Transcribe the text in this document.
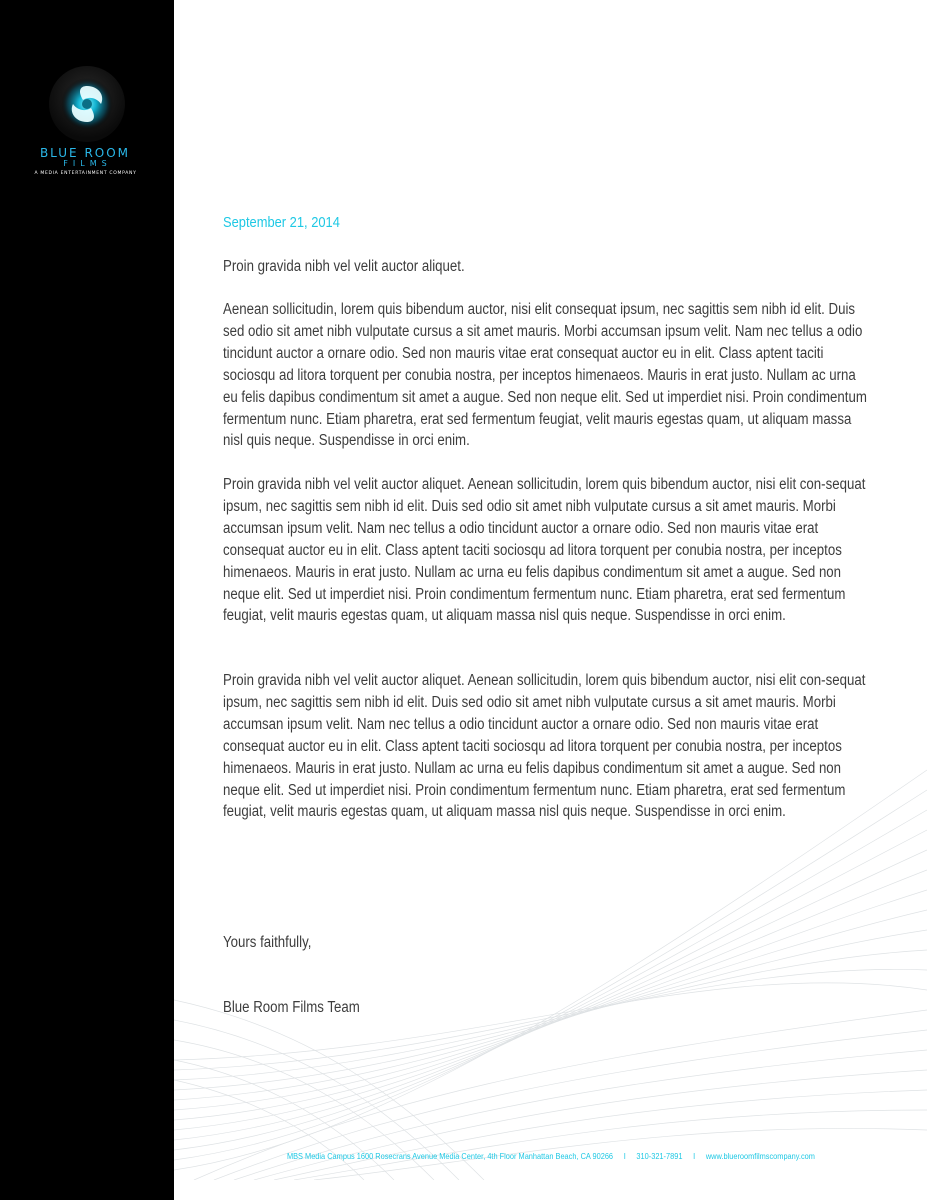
BLUE ROOM
FILMS
A MEDIA ENTERTAINMENT COMPANY
September 21, 2014

Proin gravida nibh vel velit auctor aliquet.

Aenean sollicitudin, lorem quis bibendum auctor, nisi elit consequat ipsum, nec sagittis sem nibh id elit. Duis sed odio sit amet nibh vulputate cursus a sit amet mauris. Morbi accumsan ipsum velit. Nam nec tellus a odio tincidunt auctor a ornare odio. Sed non mauris vitae erat consequat auctor eu in elit. Class aptent taciti sociosqu ad litora torquent per conubia nostra, per inceptos himenaeos. Mauris in erat justo. Nullam ac urna eu felis dapibus condimentum sit amet a augue. Sed non neque elit. Sed ut imperdiet nisi. Proin condimentum fermentum nunc. Etiam pharetra, erat sed fermentum feugiat, velit mauris egestas quam, ut aliquam massa nisl quis neque. Suspendisse in orci enim.

Proin gravida nibh vel velit auctor aliquet. Aenean sollicitudin, lorem quis bibendum auctor, nisi elit con-sequat ipsum, nec sagittis sem nibh id elit. Duis sed odio sit amet nibh vulputate cursus a sit amet mauris. Morbi accumsan ipsum velit. Nam nec tellus a odio tincidunt auctor a ornare odio. Sed non mauris vitae erat consequat auctor eu in elit. Class aptent taciti sociosqu ad litora torquent per conubia nostra, per inceptos himenaeos. Mauris in erat justo. Nullam ac urna eu felis dapibus condimentum sit amet a augue. Sed non neque elit. Sed ut imperdiet nisi. Proin condimentum fermentum nunc. Etiam pharetra, erat sed fermentum feugiat, velit mauris egestas quam, ut aliquam massa nisl quis neque. Suspendisse in orci enim.

Proin gravida nibh vel velit auctor aliquet. Aenean sollicitudin, lorem quis bibendum auctor, nisi elit con-sequat ipsum, nec sagittis sem nibh id elit. Duis sed odio sit amet nibh vulputate cursus a sit amet mauris. Morbi accumsan ipsum velit. Nam nec tellus a odio tincidunt auctor a ornare odio. Sed non mauris vitae erat consequat auctor eu in elit. Class aptent taciti sociosqu ad litora torquent per conubia nostra, per inceptos himenaeos. Mauris in erat justo. Nullam ac urna eu felis dapibus condimentum sit amet a augue. Sed non neque elit. Sed ut imperdiet nisi. Proin condimentum fermentum nunc. Etiam pharetra, erat sed fermentum feugiat, velit mauris egestas quam, ut aliquam massa nisl quis neque. Suspendisse in orci enim.

Yours faithfully,

Blue Room Films Team

MBS Media Campus 1600 Rosecrans Avenue Media Center, 4th Floor Manhattan Beach, CA 90266 I 310-321-7891 I www.blueroomfilmscompany.com
